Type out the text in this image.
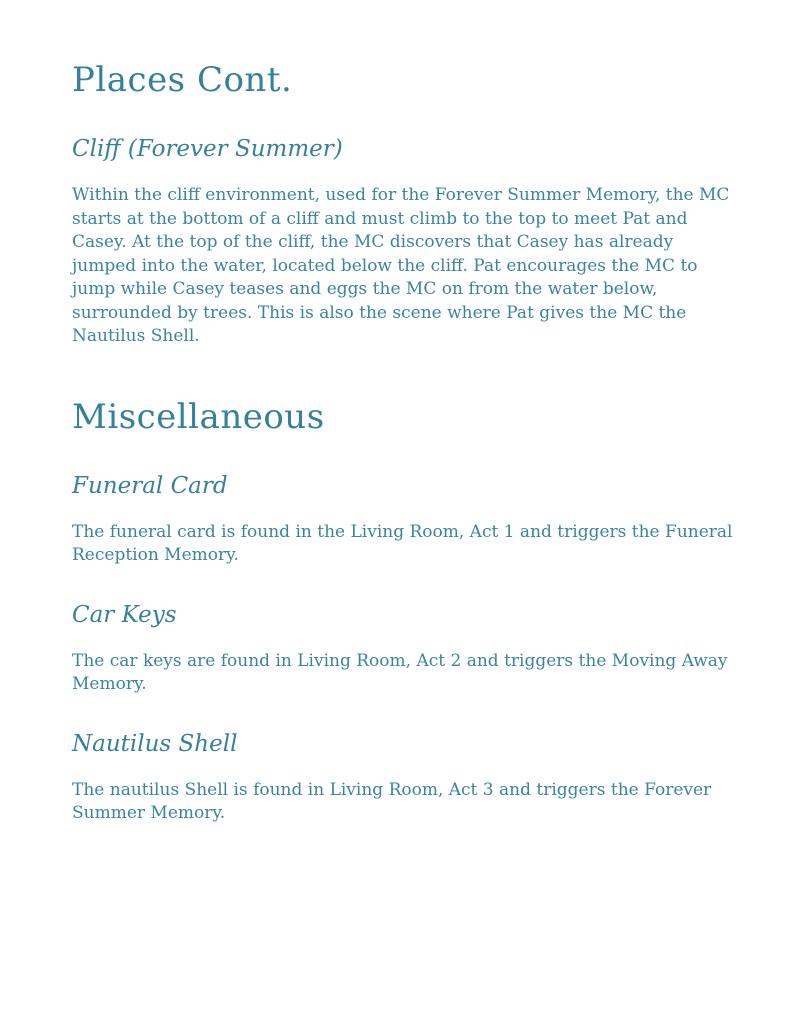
Places Cont.
Cliff (Forever Summer)

Within the cliff environment, used for the Forever Summer Memory, the MC starts at the bottom of a cliff and must climb to the top to meet Pat and Casey. At the top of the cliff, the MC discovers that Casey has already jumped into the water, located below the cliff. Pat encourages the MC to jump while Casey teases and eggs the MC on from the water below, surrounded by trees. This is also the scene where Pat gives the MC the Nautilus Shell.

Miscellaneous
Funeral Card

The funeral card is found in the Living Room, Act 1 and triggers the Funeral Reception Memory.

Car Keys

The car keys are found in Living Room, Act 2 and triggers the Moving Away Memory.

Nautilus Shell

The nautilus Shell is found in Living Room, Act 3 and triggers the Forever Summer Memory.
